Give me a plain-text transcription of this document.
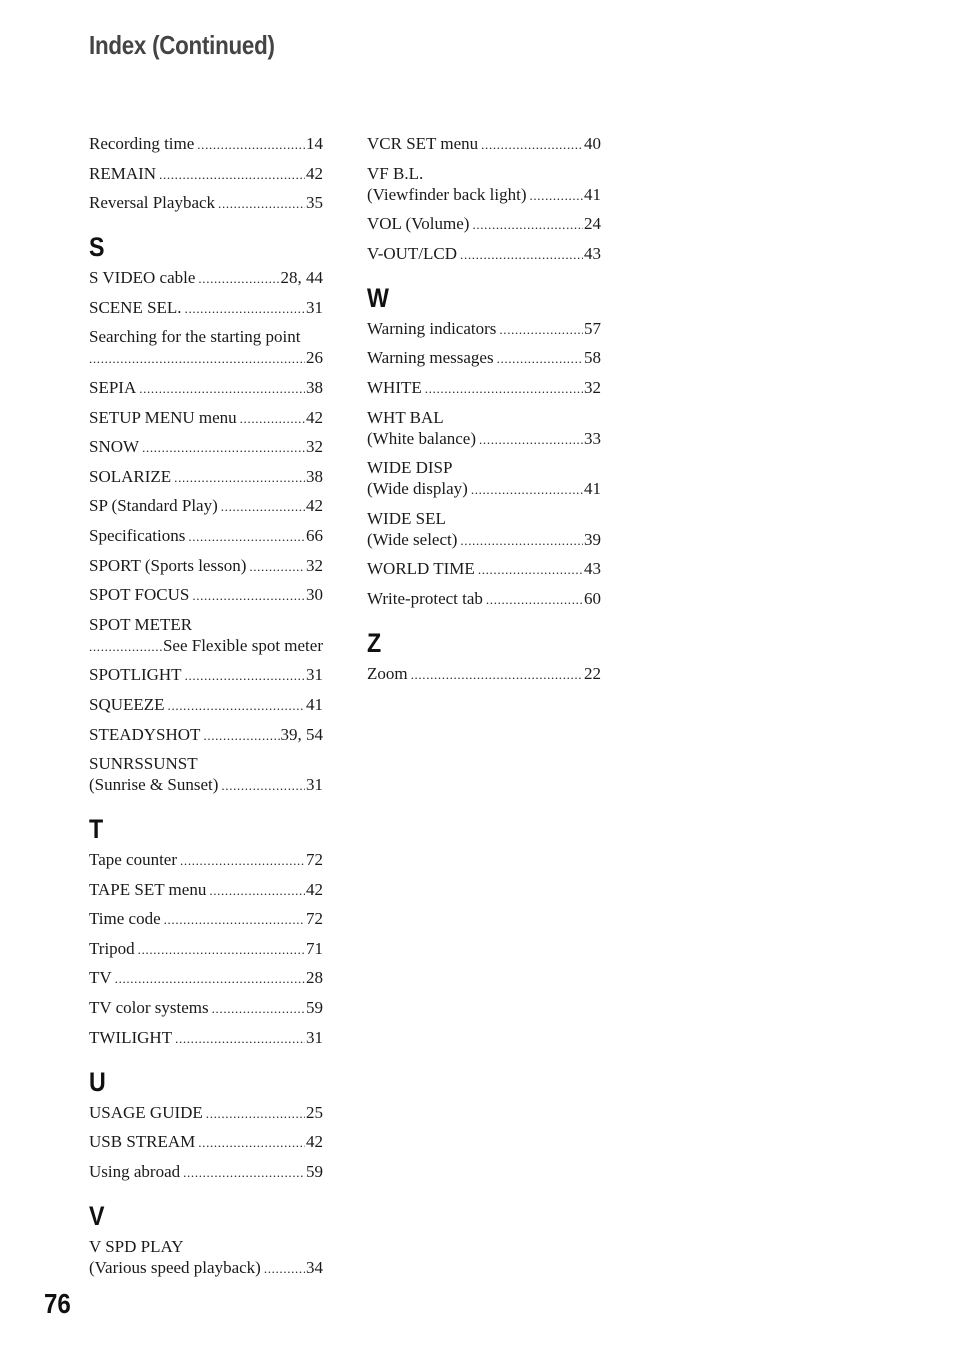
Index (Continued)
Recording time . . .	14
REMAIN . . .	42
Reversal Playback . . .	35
S
S VIDEO cable . . .	28, 44
SCENE SEL. . . .	31
Searching for the starting point
. . .
26
SEPIA . . .	38
SETUP MENU menu . . .	42
SNOW . . .	32
SOLARIZE . . .	38
SP (Standard Play) . . .	42
Specifications . . .	66
SPORT (Sports lesson) . . .	32
SPOT FOCUS . . .	30
SPOT METER
. . .
See Flexible spot meter
SPOTLIGHT . . .	31
SQUEEZE . . .	41
STEADYSHOT . . .	39, 54
SUNRSSUNST
(Sunrise & Sunset) . . .	31
T
Tape counter . . .	72
TAPE SET menu . . .	42
Time code . . .	72
Tripod . . .	71
TV . . .	28
TV color systems . . .	59
TWILIGHT . . .	31
U
USAGE GUIDE . . .	25
USB STREAM . . .	42
Using abroad . . .	59
V
V SPD PLAY
(Various speed playback) . . .	34
VCR SET menu . . .	40
VF B.L.
(Viewfinder back light) . . .	41
VOL (Volume) . . .	24
V-OUT/LCD . . .	43
W
Warning indicators . . .	57
Warning messages . . .	58
WHITE . . .	32
WHT BAL
(White balance) . . .	33
WIDE DISP
(Wide display) . . .	41
WIDE SEL
(Wide select) . . .	39
WORLD TIME . . .	43
Write-protect tab . . .	60
Z
Zoom . . .	22
76
